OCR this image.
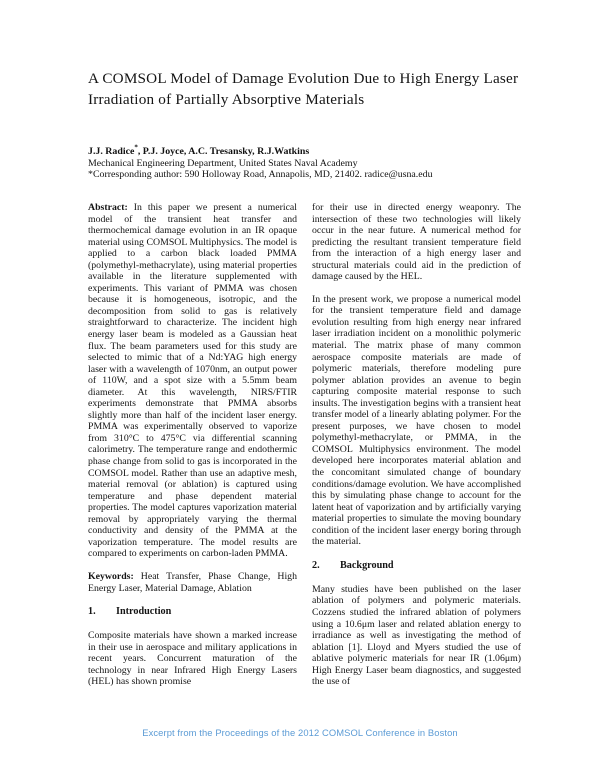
A COMSOL Model of Damage Evolution Due to High Energy Laser Irradiation of Partially Absorptive Materials

J.J. Radice*, P.J. Joyce, A.C. Tresansky, R.J.Watkins

Mechanical Engineering Department, United States Naval Academy

*Corresponding author: 590 Holloway Road, Annapolis, MD, 21402. radice@usna.edu

Abstract: In this paper we present a numerical model of the transient heat transfer and thermochemical damage evolution in an IR opaque material using COMSOL Multiphysics. The model is applied to a carbon black loaded PMMA (polymethyl-methacrylate), using material properties available in the literature supplemented with experiments. This variant of PMMA was chosen because it is homogeneous, isotropic, and the decomposition from solid to gas is relatively straightforward to characterize. The incident high energy laser beam is modeled as a Gaussian heat flux. The beam parameters used for this study are selected to mimic that of a Nd:YAG high energy laser with a wavelength of 1070nm, an output power of 110W, and a spot size with a 5.5mm beam diameter. At this wavelength, NIRS/FTIR experiments demonstrate that PMMA absorbs slightly more than half of the incident laser energy. PMMA was experimentally observed to vaporize from 310°C to 475°C via differential scanning calorimetry. The temperature range and endothermic phase change from solid to gas is incorporated in the COMSOL model. Rather than use an adaptive mesh, material removal (or ablation) is captured using temperature and phase dependent material properties. The model captures vaporization material removal by appropriately varying the thermal conductivity and density of the PMMA at the vaporization temperature. The model results are compared to experiments on carbon-laden PMMA.

Keywords: Heat Transfer, Phase Change, High Energy Laser, Material Damage, Ablation

1. Introduction

Composite materials have shown a marked increase in their use in aerospace and military applications in recent years. Concurrent maturation of the technology in near Infrared High Energy Lasers (HEL) has shown promise

for their use in directed energy weaponry. The intersection of these two technologies will likely occur in the near future. A numerical method for predicting the resultant transient temperature field from the interaction of a high energy laser and structural materials could aid in the prediction of damage caused by the HEL.

In the present work, we propose a numerical model for the transient temperature field and damage evolution resulting from high energy near infrared laser irradiation incident on a monolithic polymeric material. The matrix phase of many common aerospace composite materials are made of polymeric materials, therefore modeling pure polymer ablation provides an avenue to begin capturing composite material response to such insults. The investigation begins with a transient heat transfer model of a linearly ablating polymer. For the present purposes, we have chosen to model polymethyl-methacrylate, or PMMA, in the COMSOL Multiphysics environment. The model developed here incorporates material ablation and the concomitant simulated change of boundary conditions/damage evolution. We have accomplished this by simulating phase change to account for the latent heat of vaporization and by artificially varying material properties to simulate the moving boundary condition of the incident laser energy boring through the material.

2. Background

Many studies have been published on the laser ablation of polymers and polymeric materials. Cozzens studied the infrared ablation of polymers using a 10.6μm laser and related ablation energy to irradiance as well as investigating the method of ablation [1]. Lloyd and Myers studied the use of ablative polymeric materials for near IR (1.06μm) High Energy Laser beam diagnostics, and suggested the use of

Excerpt from the Proceedings of the 2012 COMSOL Conference in Boston
